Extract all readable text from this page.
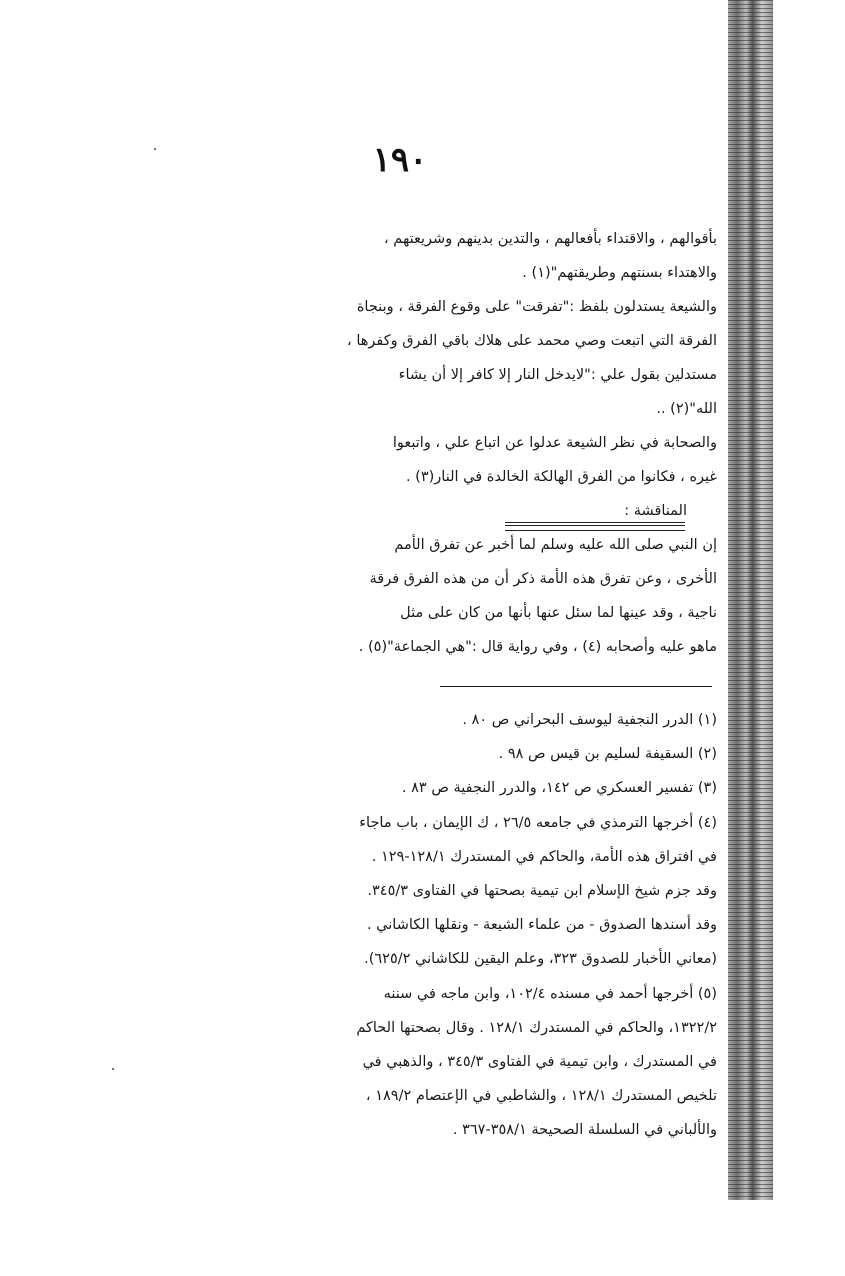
١٩٠
بأقوالهم ، والاقتداء بأفعالهم ، والتدين بدينهم وشريعتهم ،
والاهتداء بسنتهم وطريقتهم"(١) .
والشيعة يستدلون بلفظ :"تفرقت" على وقوع الفرقة ، وبنجاة
الفرقة التي اتبعت وصي محمد على هلاك باقي الفرق وكفرها ،
مستدلين بقول علي :"لايدخل النار إلا كافر إلا أن يشاء
الله"(٢) ..
والصحابة في نظر الشيعة عدلوا عن اتباع علي ، واتبعوا
غيره ، فكانوا من الفرق الهالكة الخالدة في النار(٣) .
المناقشة :
إن النبي صلى الله عليه وسلم لما أخبر عن تفرق الأمم
الأخرى ، وعن تفرق هذه الأمة ذكر أن من هذه الفرق فرقة
ناجية ، وقد عينها لما سئل عنها بأنها من كان على مثل
ماهو عليه وأصحابه (٤) ، وفي رواية قال :"هي الجماعة"(٥) .
(١) الدرر النجفية ليوسف البحراني ص ٨٠ .
(٢) السقيفة لسليم بن قيس ص ٩٨ .
(٣) تفسير العسكري ص ١٤٢، والدرر النجفية ص ٨٣ .
(٤) أخرجها الترمذي في جامعه ٢٦/٥ ، ك الإيمان ، باب ماجاء
في افتراق هذه الأمة، والحاكم في المستدرك ١٢٨/١-١٢٩ .
وقد جزم شيخ الإسلام ابن تيمية بصحتها في الفتاوى ٣٤٥/٣.
وقد أسندها الصدوق - من علماء الشيعة - ونقلها الكاشاني .
(معاني الأخبار للصدوق ٣٢٣، وعلم اليقين للكاشاني ٦٢٥/٢).
(٥) أخرجها أحمد في مسنده ١٠٢/٤، وابن ماجه في سننه
١٣٢٢/٢، والحاكم في المستدرك ١٢٨/١ . وقال بصحتها الحاكم
في المستدرك ، وابن تيمية في الفتاوى ٣٤٥/٣ ، والذهبي في
تلخيص المستدرك ١٢٨/١ ، والشاطبي في الإعتصام ١٨٩/٢ ،
والألباني في السلسلة الصحيحة ٣٥٨/١-٣٦٧ .
